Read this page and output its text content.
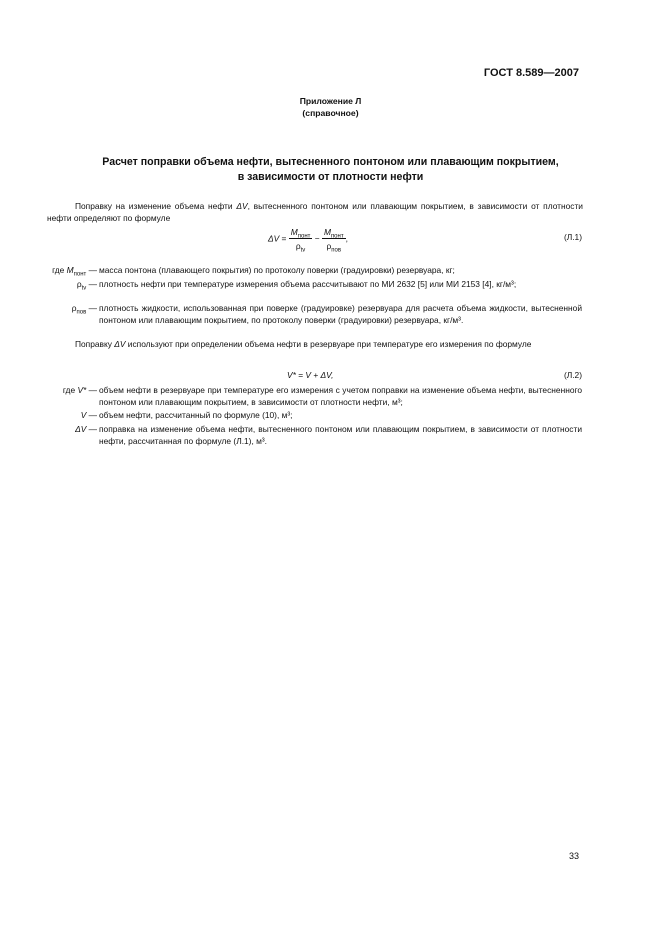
ГОСТ 8.589—2007
Приложение Л
(справочное)
Расчет поправки объема нефти, вытесненного понтоном или плавающим покрытием,
в зависимости от плотности нефти
Поправку на изменение объема нефти ΔV, вытесненного понтоном или плавающим покрытием, в зависимости от плотности нефти определяют по формуле
$\Delta V = \frac{M_{понт}}{\rho_{tv}} - \frac{M_{понт}}{\rho_{пов}}$ ,	(Л.1)
где $M_{понт}$ — масса понтона (плавающего покрытия) по протоколу поверки (градуировки) резервуара, кг;
$\rho_{tv}$ — плотность нефти при температуре измерения объема рассчитывают по МИ 2632 [5] или МИ 2153 [4], кг/м³;
$\rho_{пов}$ — плотность жидкости, использованная при поверке (градуировке) резервуара для расчета объема жидкости, вытесненной понтоном или плавающим покрытием, по протоколу поверки (градуировки) резервуара, кг/м³.
Поправку ΔV используют при определении объема нефти в резервуаре при температуре его измерения по формуле
V* = V + ΔV,	(Л.2)
где V* — объем нефти в резервуаре при температуре его измерения с учетом поправки на изменение объема нефти, вытесненного понтоном или плавающим покрытием, в зависимости от плотности нефти, м³;
V — объем нефти, рассчитанный по формуле (10), м³;
ΔV — поправка на изменение объема нефти, вытесненного понтоном или плавающим покрытием, в зависимости от плотности нефти, рассчитанная по формуле (Л.1), м³.
33
